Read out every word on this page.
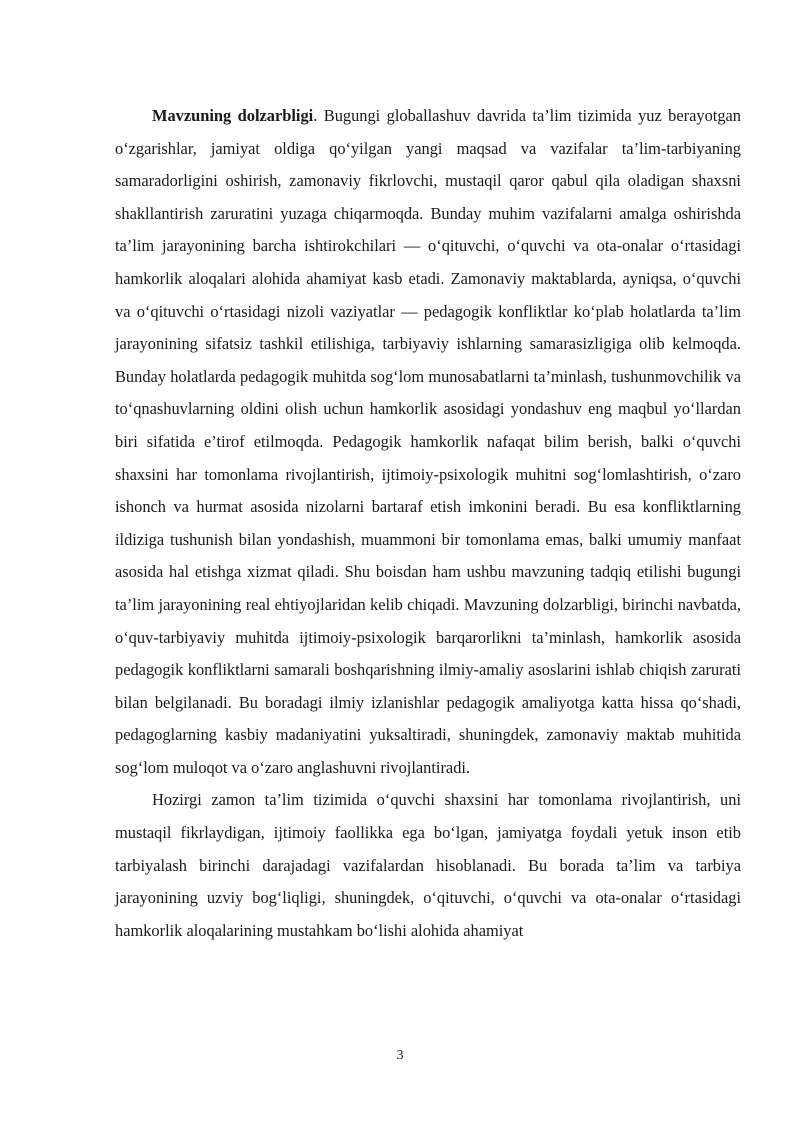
Mavzuning dolzarbligi. Bugungi globallashuv davrida ta’lim tizimida yuz berayotgan o‘zgarishlar, jamiyat oldiga qo‘yilgan yangi maqsad va vazifalar ta’lim-tarbiyaning samaradorligini oshirish, zamonaviy fikrlovchi, mustaqil qaror qabul qila oladigan shaxsni shakllantirish zaruratini yuzaga chiqarmoqda. Bunday muhim vazifalarni amalga oshirishda ta’lim jarayonining barcha ishtirokchilari — o‘qituvchi, o‘quvchi va ota-onalar o‘rtasidagi hamkorlik aloqalari alohida ahamiyat kasb etadi. Zamonaviy maktablarda, ayniqsa, o‘quvchi va o‘qituvchi o‘rtasidagi nizoli vaziyatlar — pedagogik konfliktlar ko‘plab holatlarda ta’lim jarayonining sifatsiz tashkil etilishiga, tarbiyaviy ishlarning samarasizligiga olib kelmoqda. Bunday holatlarda pedagogik muhitda sog‘lom munosabatlarni ta’minlash, tushunmovchilik va to‘qnashuvlarning oldini olish uchun hamkorlik asosidagi yondashuv eng maqbul yo‘llardan biri sifatida e’tirof etilmoqda. Pedagogik hamkorlik nafaqat bilim berish, balki o‘quvchi shaxsini har tomonlama rivojlantirish, ijtimoiy-psixologik muhitni sog‘lomlashtirish, o‘zaro ishonch va hurmat asosida nizolarni bartaraf etish imkonini beradi. Bu esa konfliktlarning ildiziga tushunish bilan yondashish, muammoni bir tomonlama emas, balki umumiy manfaat asosida hal etishga xizmat qiladi. Shu boisdan ham ushbu mavzuning tadqiq etilishi bugungi ta’lim jarayonining real ehtiyojlaridan kelib chiqadi. Mavzuning dolzarbligi, birinchi navbatda, o‘quv-tarbiyaviy muhitda ijtimoiy-psixologik barqarorlikni ta’minlash, hamkorlik asosida pedagogik konfliktlarni samarali boshqarishning ilmiy-amaliy asoslarini ishlab chiqish zarurati bilan belgilanadi. Bu boradagi ilmiy izlanishlar pedagogik amaliyotga katta hissa qo‘shadi, pedagoglarning kasbiy madaniyatini yuksaltiradi, shuningdek, zamonaviy maktab muhitida sog‘lom muloqot va o‘zaro anglashuvni rivojlantiradi.

Hozirgi zamon ta’lim tizimida o‘quvchi shaxsini har tomonlama rivojlantirish, uni mustaqil fikrlaydigan, ijtimoiy faollikka ega bo‘lgan, jamiyatga foydali yetuk inson etib tarbiyalash birinchi darajadagi vazifalardan hisoblanadi. Bu borada ta’lim va tarbiya jarayonining uzviy bog‘liqligi, shuningdek, o‘qituvchi, o‘quvchi va ota-onalar o‘rtasidagi hamkorlik aloqalarining mustahkam bo‘lishi alohida ahamiyat

3
